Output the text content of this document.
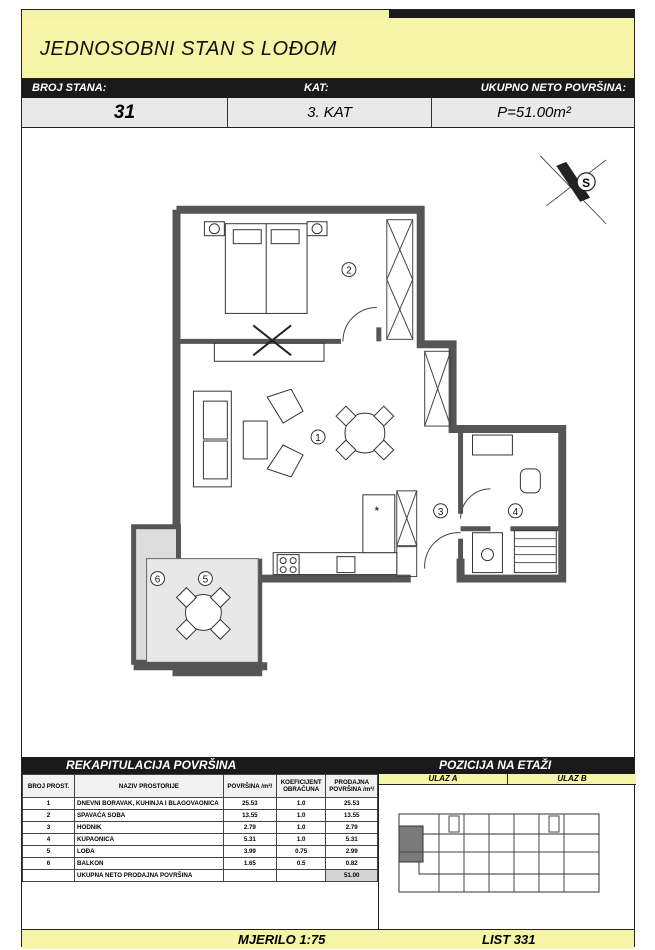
JEDNOSOBNI STAN S LOĐOM
BROJ STANA:	KAT:	UKUPNO NETO POVRŠINA:
31	3. KAT	P=51.00m²
S
*
2
1
3	4
5
6
REKAPITULACIJA POVRŠINA	POZICIJA NA ETAŽI
BROJ PROST.	NAZIV PROSTORIJE	POVRŠINA /m²/	KOEFICIJENT OBRAČUNA	PRODAJNA POVRŠINA /m²/
1	DNEVNI BORAVAK, KUHINJA I BLAGOVAONICA	25.53	1.0	25.53
2	SPAVAĆA SOBA	13.55	1.0	13.55
3	HODNIK	2.79	1.0	2.79
4	KUPAONICA	5.31	1.0	5.31
5	LOĐA	3.99	0.75	2.99
6	BALKON	1.65	0.5	0.82
	UKUPNA NETO PRODAJNA POVRŠINA			51.00
ULAZ A	ULAZ B
MJERILO 1:75	LIST 331
